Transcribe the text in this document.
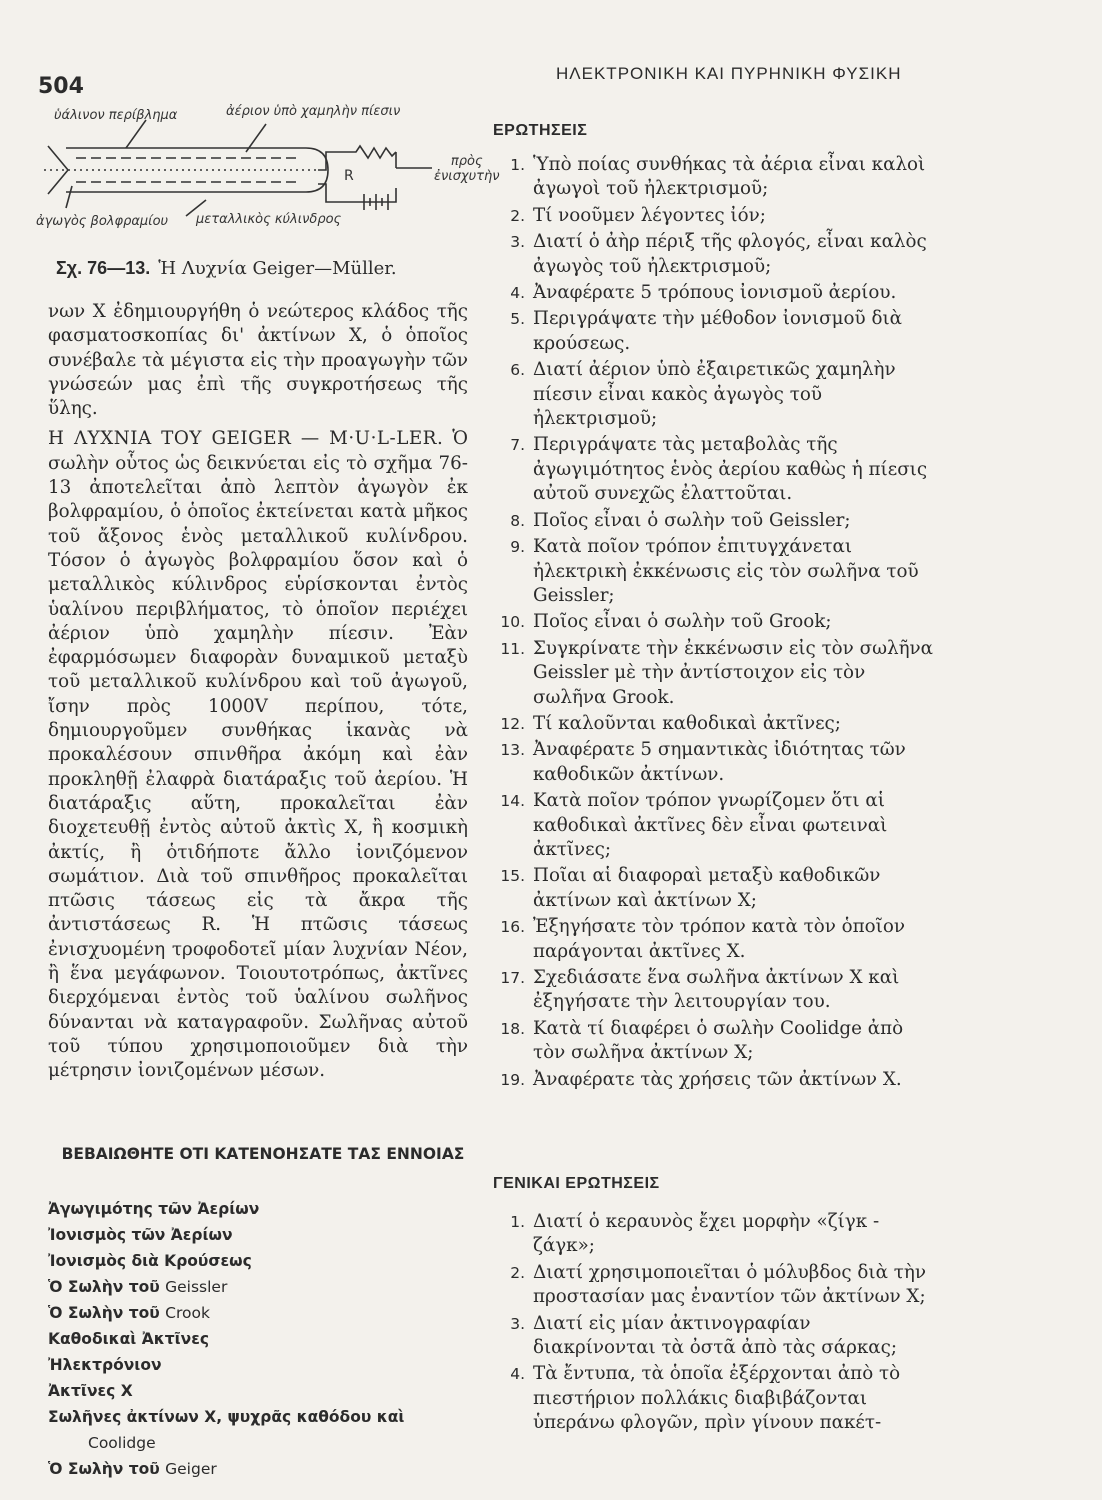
504
ΗΛΕΚΤΡΟΝΙΚΗ ΚΑΙ ΠΥΡΗΝΙΚΗ ΦΥΣΙΚΗ
ὑάλινον περίβλημα	ἀέριον ὑπὸ χαμηλὴν πίεσιν
ἀγωγὸς βολφραμίου μεταλλικὸς κύλινδρος
R
πρὸς
ἐνισχυτὴν
Σχ. 76—13. Ἡ Λυχνία Geiger—Müller.

νων Χ ἐδημιουργήθη ὁ νεώτερος κλάδος τῆς φασματοσκοπίας δι' ἀκτίνων Χ, ὁ ὁποῖος συνέβαλε τὰ μέγιστα εἰς τὴν προαγωγὴν τῶν γνώσεών μας ἐπὶ τῆς συγκροτήσεως τῆς ὕλης.

Η ΛΥΧΝΙΑ ΤΟΥ GEIGER — M·U·L-LER. Ὁ σωλὴν οὗτος ὡς δεικνύεται εἰς τὸ σχῆμα 76-13 ἀποτελεῖται ἀπὸ λεπτὸν ἀγωγὸν ἐκ βολφραμίου, ὁ ὁποῖος ἐκτείνεται κατὰ μῆκος τοῦ ἄξονος ἑνὸς μεταλλικοῦ κυλίνδρου. Τόσον ὁ ἀγωγὸς βολφραμίου ὅσον καὶ ὁ μεταλλικὸς κύλινδρος εὑρίσκονται ἐντὸς ὑαλίνου περιβλήματος, τὸ ὁποῖον περιέχει ἀέριον ὑπὸ χαμηλὴν πίεσιν. Ἐὰν ἐφαρμόσωμεν διαφορὰν δυναμικοῦ μεταξὺ τοῦ μεταλλικοῦ κυλίνδρου καὶ τοῦ ἀγωγοῦ, ἴσην πρὸς 1000V περίπου, τότε, δημιουργοῦμεν συνθήκας ἱκανὰς νὰ προκαλέσουν σπινθῆρα ἀκόμη καὶ ἐὰν προκληθῇ ἐλαφρὰ διατάραξις τοῦ ἀερίου. Ἡ διατάραξις αὕτη, προκαλεῖται ἐὰν διοχετευθῇ ἐντὸς αὐτοῦ ἀκτὶς Χ, ἢ κοσμικὴ ἀκτίς, ἢ ὁτιδήποτε ἄλλο ἰονιζόμενον σωμάτιον. Διὰ τοῦ σπινθῆρος προκαλεῖται πτῶσις τάσεως εἰς τὰ ἄκρα τῆς ἀντιστάσεως R. Ἡ πτῶσις τάσεως ἐνισχυομένη τροφοδοτεῖ μίαν λυχνίαν Νέον, ἢ ἕνα μεγάφωνον. Τοιουτοτρόπως, ἀκτῖνες διερχόμεναι ἐντὸς τοῦ ὑαλίνου σωλῆνος δύνανται νὰ καταγραφοῦν. Σωλῆνας αὐτοῦ τοῦ τύπου χρησιμοποιοῦμεν διὰ τὴν μέτρησιν ἰονιζομένων μέσων.

ΒΕΒΑΙΩΘΗΤΕ ΟΤΙ ΚΑΤΕΝΟΗΣΑΤΕ ΤΑΣ ΕΝΝΟΙΑΣ
Ἀγωγιμότης τῶν Ἀερίων
Ἰονισμὸς τῶν Ἀερίων
Ἰονισμὸς διὰ Κρούσεως
Ὁ Σωλὴν τοῦ Geissler
Ὁ Σωλὴν τοῦ Crook
Καθοδικαὶ Ἀκτῖνες
Ἠλεκτρόνιον
Ἀκτῖνες Χ
Σωλῆνες ἀκτίνων Χ, ψυχρᾶς καθόδου καὶ
Coolidge
Ὁ Σωλὴν τοῦ Geiger
ΕΡΩΤΗΣΕΙΣ
1. Ὑπὸ ποίας συνθήκας τὰ ἀέρια εἶναι καλοὶ ἀγωγοὶ τοῦ ἠλεκτρισμοῦ;
2. Τί νοοῦμεν λέγοντες ἰόν;
3. Διατί ὁ ἀὴρ πέριξ τῆς φλογός, εἶναι καλὸς ἀγωγὸς τοῦ ἠλεκτρισμοῦ;
4. Ἀναφέρατε 5 τρόπους ἰονισμοῦ ἀερίου.
5. Περιγράψατε τὴν μέθοδον ἰονισμοῦ διὰ κρούσεως.
6. Διατί ἀέριον ὑπὸ ἐξαιρετικῶς χαμηλὴν πίεσιν εἶναι κακὸς ἀγωγὸς τοῦ ἠλεκτρισμοῦ;
7. Περιγράψατε τὰς μεταβολὰς τῆς ἀγωγιμότητος ἑνὸς ἀερίου καθὼς ἡ πίεσις αὐτοῦ συνεχῶς ἐλαττοῦται.
8. Ποῖος εἶναι ὁ σωλὴν τοῦ Geissler;
9. Κατὰ ποῖον τρόπον ἐπιτυγχάνεται ἠλεκτρικὴ ἐκκένωσις εἰς τὸν σωλῆνα τοῦ Geissler;
10. Ποῖος εἶναι ὁ σωλὴν τοῦ Grook;
11. Συγκρίνατε τὴν ἐκκένωσιν εἰς τὸν σωλῆνα Geissler μὲ τὴν ἀντίστοιχον εἰς τὸν σωλῆνα Grook.
12. Τί καλοῦνται καθοδικαὶ ἀκτῖνες;
13. Ἀναφέρατε 5 σημαντικὰς ἰδιότητας τῶν καθοδικῶν ἀκτίνων.
14. Κατὰ ποῖον τρόπον γνωρίζομεν ὅτι αἱ καθοδικαὶ ἀκτῖνες δὲν εἶναι φωτειναὶ ἀκτῖνες;
15. Ποῖαι αἱ διαφοραὶ μεταξὺ καθοδικῶν ἀκτίνων καὶ ἀκτίνων Χ;
16. Ἐξηγήσατε τὸν τρόπον κατὰ τὸν ὁποῖον παράγονται ἀκτῖνες Χ.
17. Σχεδιάσατε ἕνα σωλῆνα ἀκτίνων Χ καὶ ἐξηγήσατε τὴν λειτουργίαν του.
18. Κατὰ τί διαφέρει ὁ σωλὴν Coolidge ἀπὸ τὸν σωλῆνα ἀκτίνων Χ;
19. Ἀναφέρατε τὰς χρήσεις τῶν ἀκτίνων Χ.
ΓΕΝΙΚΑΙ ΕΡΩΤΗΣΕΙΣ
1. Διατί ὁ κεραυνὸς ἔχει μορφὴν «ζίγκ - ζάγκ»;
2. Διατί χρησιμοποιεῖται ὁ μόλυβδος διὰ τὴν προστασίαν μας ἐναντίον τῶν ἀκτίνων Χ;
3. Διατί εἰς μίαν ἀκτινογραφίαν διακρίνονται τὰ ὀστᾶ ἀπὸ τὰς σάρκας;
4. Τὰ ἔντυπα, τὰ ὁποῖα ἐξέρχονται ἀπὸ τὸ πιεστήριον πολλάκις διαβιβάζονται ὑπεράνω φλογῶν, πρὶν γίνουν πακέτ-
